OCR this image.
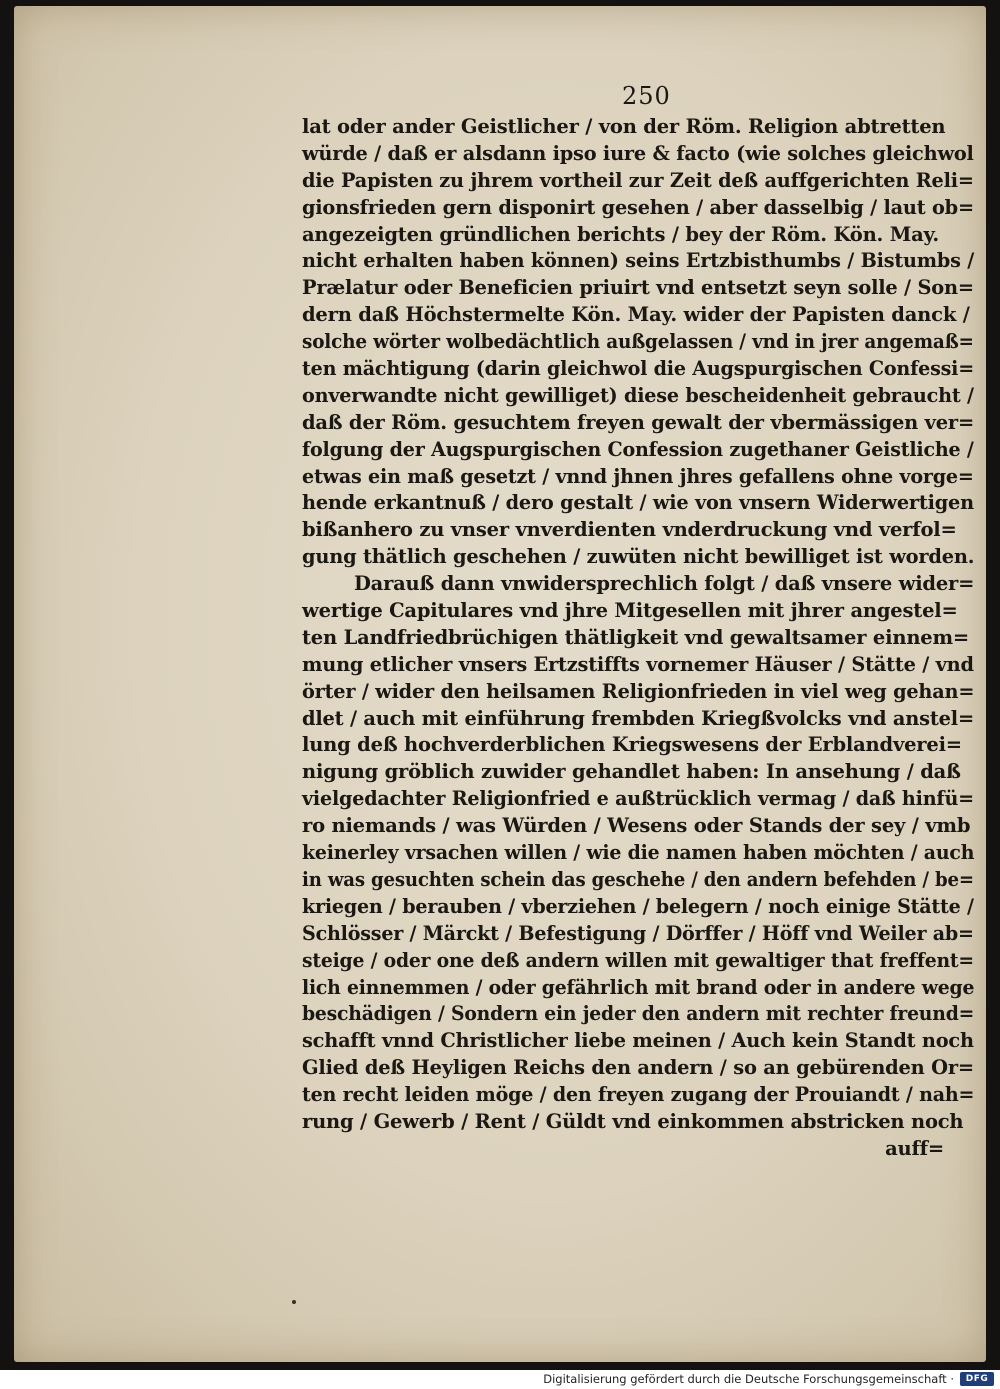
250
lat oder ander Geistlicher / von der Röm. Religion abtretten
würde / daß er alsdann ipso iure & facto (wie solches gleichwol
die Papisten zu jhrem vortheil zur Zeit deß auffgerichten Reli=
gionsfrieden gern disponirt gesehen / aber dasselbig / laut ob=
angezeigten gründlichen berichts / bey der Röm. Kön. May.
nicht erhalten haben können) seins Ertzbisthumbs / Bistumbs /
Prælatur oder Beneficien priuirt vnd entsetzt seyn solle / Son=
dern daß Höchstermelte Kön. May. wider der Papisten danck /
solche wörter wolbedächtlich außgelassen / vnd in jrer angemaß=
ten mächtigung (darin gleichwol die Augspurgischen Confessi=
onverwandte nicht gewilliget) diese bescheidenheit gebraucht /
daß der Röm. gesuchtem freyen gewalt der vbermässigen ver=
folgung der Augspurgischen Confession zugethaner Geistliche /
etwas ein maß gesetzt / vnnd jhnen jhres gefallens ohne vorge=
hende erkantnuß / dero gestalt / wie von vnsern Widerwertigen
bißanhero zu vnser vnverdienten vnderdruckung vnd verfol=
gung thätlich geschehen / zuwüten nicht bewilliget ist worden.
Darauß dann vnwidersprechlich folgt / daß vnsere wider=
wertige Capitulares vnd jhre Mitgesellen mit jhrer angestel=
ten Landfriedbrüchigen thätligkeit vnd gewaltsamer einnem=
mung etlicher vnsers Ertzstiffts vornemer Häuser / Stätte / vnd
örter / wider den heilsamen Religionfrieden in viel weg gehan=
dlet / auch mit einführung frembden Kriegßvolcks vnd anstel=
lung deß hochverderblichen Kriegswesens der Erblandverei=
nigung gröblich zuwider gehandlet haben: In ansehung / daß
vielgedachter Religionfried e außtrücklich vermag / daß hinfü=
ro niemands / was Würden / Wesens oder Stands der sey / vmb
keinerley vrsachen willen / wie die namen haben möchten / auch
in was gesuchten schein das geschehe / den andern befehden / be=
kriegen / berauben / vberziehen / belegern / noch einige Stätte /
Schlösser / Märckt / Befestigung / Dörffer / Höff vnd Weiler ab=
steige / oder one deß andern willen mit gewaltiger that freffent=
lich einnemmen / oder gefährlich mit brand oder in andere wege
beschädigen / Sondern ein jeder den andern mit rechter freund=
schafft vnnd Christlicher liebe meinen / Auch kein Standt noch
Glied deß Heyligen Reichs den andern / so an gebürenden Or=
ten recht leiden möge / den freyen zugang der Prouiandt / nah=
rung / Gewerb / Rent / Güldt vnd einkommen abstricken noch
auff=
Digitalisierung gefördert durch die Deutsche Forschungsgemeinschaft ·	DFG
